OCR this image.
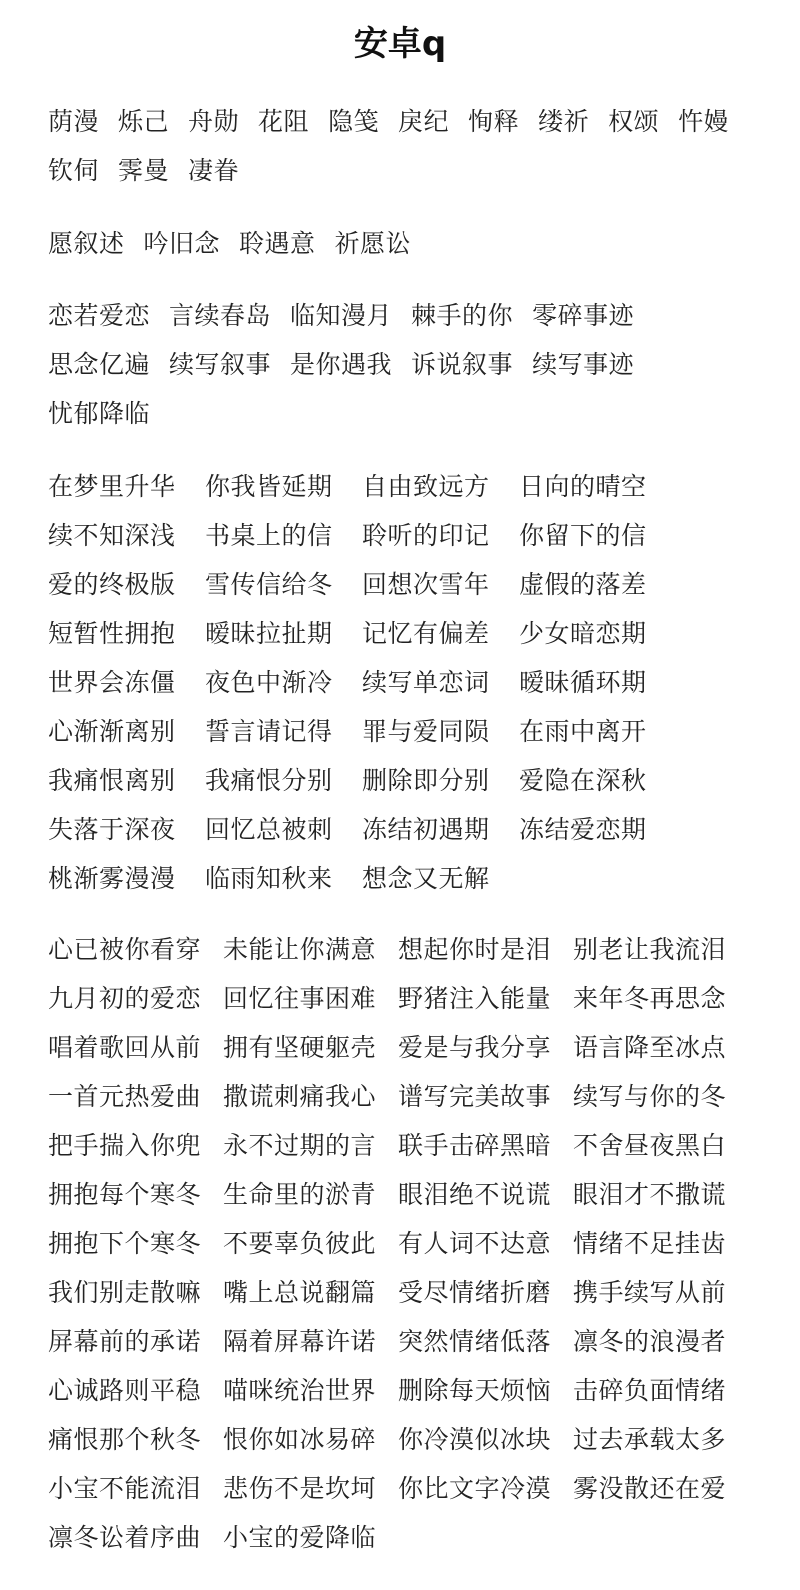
安卓q
荫漫 烁己 舟勋 花阻 隐笺 戾纪 恂释 缕祈 权颂 忤嫚
钦伺 霁曼 凄眷
愿叙述 吟旧念 聆遇意 祈愿讼
恋若爱恋 言续春岛 临知漫月 棘手的你 零碎事迹
思念亿遍 续写叙事 是你遇我 诉说叙事 续写事迹
忧郁降临
在梦里升华	你我皆延期	自由致远方	日向的晴空
续不知深浅	书桌上的信	聆听的印记	你留下的信
爱的终极版	雪传信给冬	回想次雪年	虚假的落差
短暂性拥抱	暧昧拉扯期	记忆有偏差	少女暗恋期
世界会冻僵	夜色中渐冷	续写单恋词	暧昧循环期
心渐渐离别	誓言请记得	罪与爱同陨	在雨中离开
我痛恨离别	我痛恨分别	删除即分别	爱隐在深秋
失落于深夜	回忆总被刺	冻结初遇期	冻结爱恋期
桃渐雾漫漫	临雨知秋来	想念又无解
心已被你看穿 未能让你满意 想起你时是泪 别老让我流泪
九月初的爱恋 回忆往事困难 野猪注入能量 来年冬再思念
唱着歌回从前 拥有坚硬躯壳 爱是与我分享 语言降至冰点
一首元热爱曲 撒谎刺痛我心 谱写完美故事 续写与你的冬
把手揣入你兜 永不过期的言 联手击碎黑暗 不舍昼夜黑白
拥抱每个寒冬 生命里的淤青 眼泪绝不说谎 眼泪才不撒谎
拥抱下个寒冬 不要辜负彼此 有人词不达意 情绪不足挂齿
我们别走散嘛 嘴上总说翻篇 受尽情绪折磨 携手续写从前
屏幕前的承诺 隔着屏幕许诺 突然情绪低落 凛冬的浪漫者
心诚路则平稳 喵咪统治世界 删除每天烦恼 击碎负面情绪
痛恨那个秋冬 恨你如冰易碎 你冷漠似冰块 过去承载太多
小宝不能流泪 悲伤不是坎坷 你比文字冷漠 雾没散还在爱
凛冬讼着序曲 小宝的爱降临
